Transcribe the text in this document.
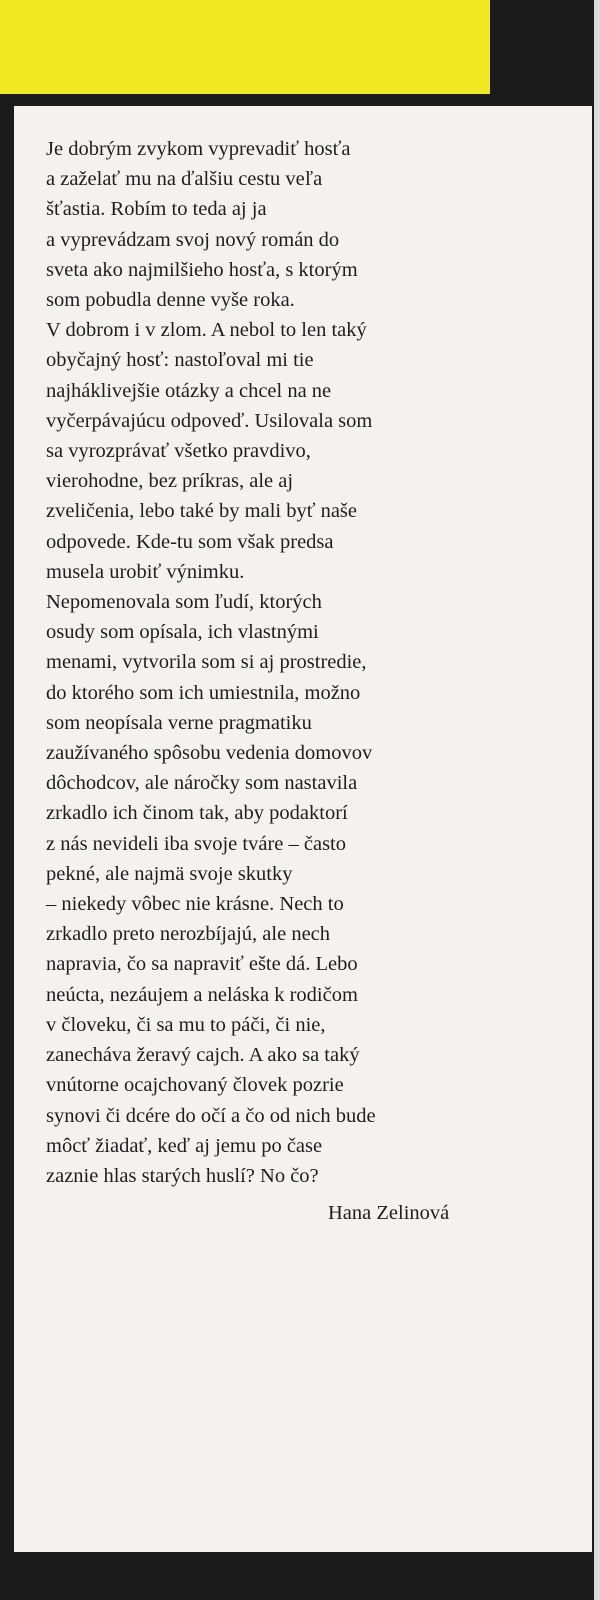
Je dobrým zvykom vyprevadiť hosťa
a zaželať mu na ďalšiu cestu veľa
šťastia. Robím to teda aj ja
a vyprevádzam svoj nový román do
sveta ako najmilšieho hosťa, s ktorým
som pobudla denne vyše roka.
V dobrom i v zlom. A nebol to len taký
obyčajný hosť: nastoľoval mi tie
najháklivejšie otázky a chcel na ne
vyčerpávajúcu odpoveď. Usilovala som
sa vyrozprávať všetko pravdivo,
vierohodne, bez príkras, ale aj
zveličenia, lebo také by mali byť naše
odpovede. Kde-tu som však predsa
musela urobiť výnimku.
Nepomenovala som ľudí, ktorých
osudy som opísala, ich vlastnými
menami, vytvorila som si aj prostredie,
do ktorého som ich umiestnila, možno
som neopísala verne pragmatiku
zaužívaného spôsobu vedenia domovov
dôchodcov, ale náročky som nastavila
zrkadlo ich činom tak, aby podaktorí
z nás nevideli iba svoje tváre – často
pekné, ale najmä svoje skutky
– niekedy vôbec nie krásne. Nech to
zrkadlo preto nerozbíjajú, ale nech
napravia, čo sa napraviť ešte dá. Lebo
neúcta, nezáujem a neláska k rodičom
v človeku, či sa mu to páči, či nie,
zanecháva žeravý cajch. A ako sa taký
vnútorne ocajchovaný človek pozrie
synovi či dcére do očí a čo od nich bude
môcť žiadať, keď aj jemu po čase
zaznie hlas starých huslí? No čo?
Hana Zelinová
